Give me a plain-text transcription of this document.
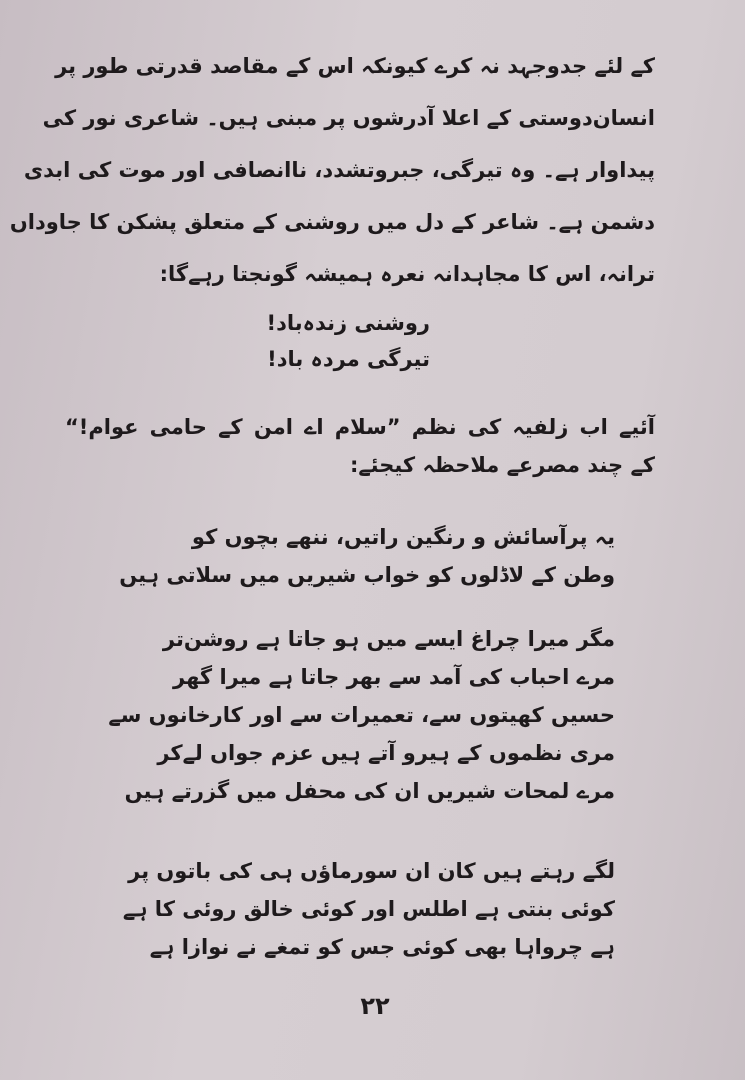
کے لئے جدوجہد نہ کرے کیونکہ اس کے مقاصد قدرتی طور پر
انسان‌دوستی کے اعلا آدرشوں پر مبنی ہیں۔ شاعری نور کی
پیداوار ہے۔ وہ تیرگی، جبروتشدد، ناانصافی اور موت کی ابدی
دشمن ہے۔ شاعر کے دل میں روشنی کے متعلق پشکن کا جاوداں
ترانہ، اس کا مجاہدانہ نعرہ ہمیشہ گونجتا رہےگا:
روشنی زندہ‌باد!
تیرگی مردہ باد!
آئیے اب زلفیہ کی نظم ”سلام اے امن کے حامی عوام!“
کے چند مصرعے ملاحظہ کیجئے:
یہ پرآسائش و رنگین راتیں، ننھے بچوں کو
وطن کے لاڈلوں کو خواب شیریں میں سلاتی ہیں
مگر میرا چراغ ایسے میں ہو جاتا ہے روشن‌تر
مرے احباب کی آمد سے بھر جاتا ہے میرا گھر
حسیں کھیتوں سے، تعمیرات سے اور کارخانوں سے
مری نظموں کے ہیرو آتے ہیں عزم جواں لےکر
مرے لمحات شیریں ان کی محفل میں گزرتے ہیں
لگے رہتے ہیں کان ان سورماؤں ہی کی باتوں پر
کوئی بنتی ہے اطلس اور کوئی خالق روئی کا ہے
ہے چرواہا بھی کوئی جس کو تمغے نے نوازا ہے
۲۲
